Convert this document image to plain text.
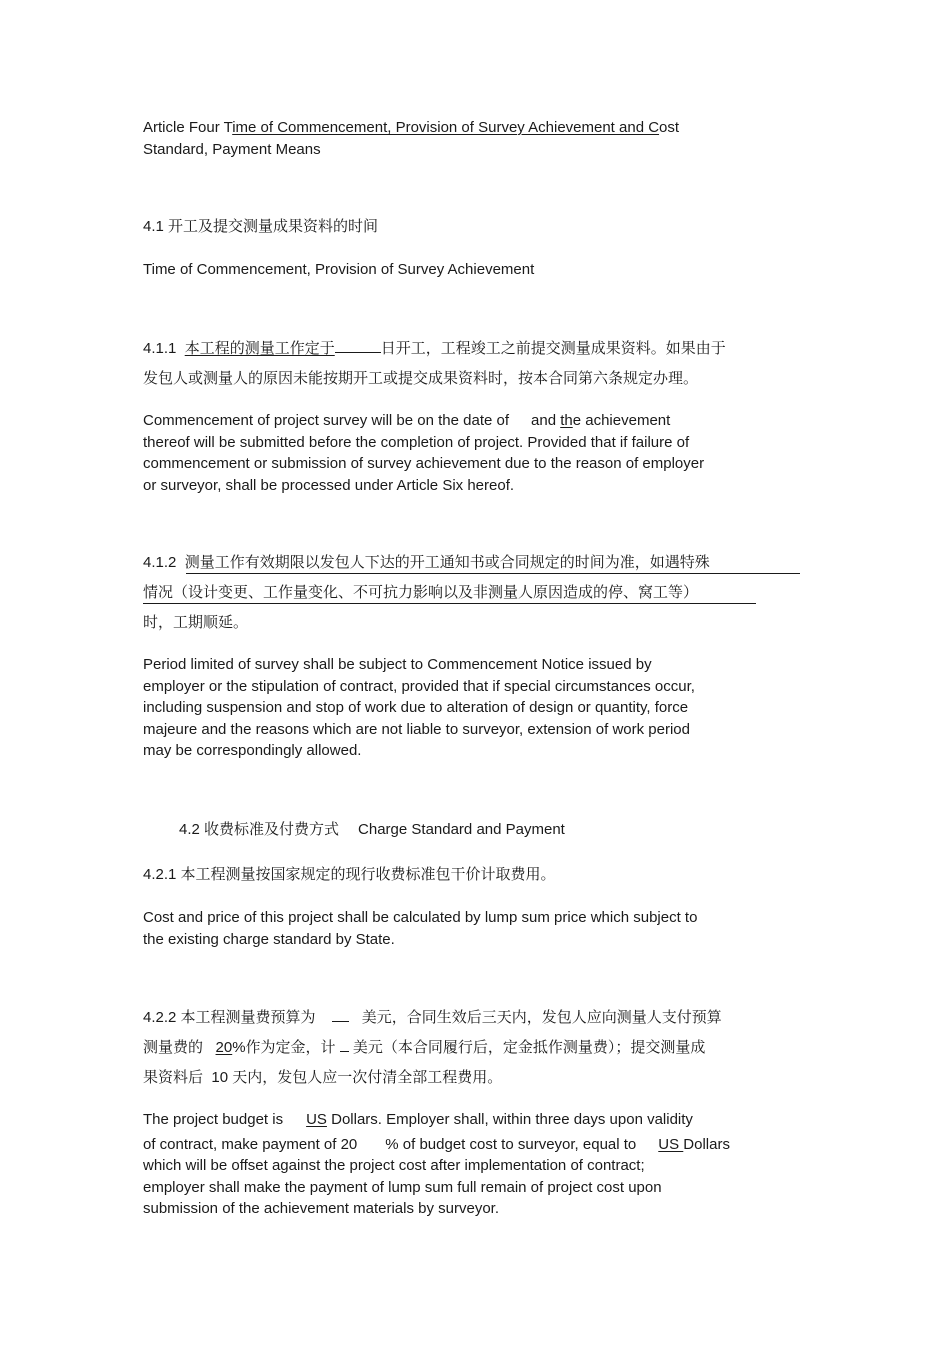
Article Four Time of Commencement, Provision of Survey Achievement and Cost
Standard, Payment Means
4.1 开工及提交测量成果资料的时间
Time of Commencement, Provision of Survey Achievement
4.1.1 本工程的测量工作定于	日开工，工程竣工之前提交测量成果资料。如果由于
发包人或测量人的原因未能按期开工或提交成果资料时，按本合同第六条规定办理。
Commencement of project survey will be on the date of and the achievement
thereof will be submitted before the completion of project. Provided that if failure of
commencement or submission of survey achievement due to the reason of employer
or surveyor, shall be processed under Article Six hereof.
4.1.2 测量工作有效期限以发包人下达的开工通知书或合同规定的时间为准，如遇特殊
情况（设计变更、工作量变化、不可抗力影响以及非测量人原因造成的停、窝工等）
时，工期顺延。
Period limited of survey shall be subject to Commencement Notice issued by
employer or the stipulation of contract, provided that if special circumstances occur,
including suspension and stop of work due to alteration of design or quantity, force
majeure and the reasons which are not liable to surveyor, extension of work period
may be correspondingly allowed.
4.2 收费标准及付费方式 Charge Standard and Payment
4.2.1 本工程测量按国家规定的现行收费标准包干价计取费用。
Cost and price of this project shall be calculated by lump sum price which subject to
the existing charge standard by State.
4.2.2 本工程测量费预算为	美元，合同生效后三天内，发包人应向测量人支付预算
测量费的 20%作为定金，计 美元（本合同履行后，定金抵作测量费）；提交测量成
果资料后 10 天内，发包人应一次付清全部工程费用。
The project budget is US Dollars. Employer shall, within three days upon validity
of contract, make payment of 20 % of budget cost to surveyor, equal to US Dollars
which will be offset against the project cost after implementation of contract;
employer shall make the payment of lump sum full remain of project cost upon
submission of the achievement materials by surveyor.
